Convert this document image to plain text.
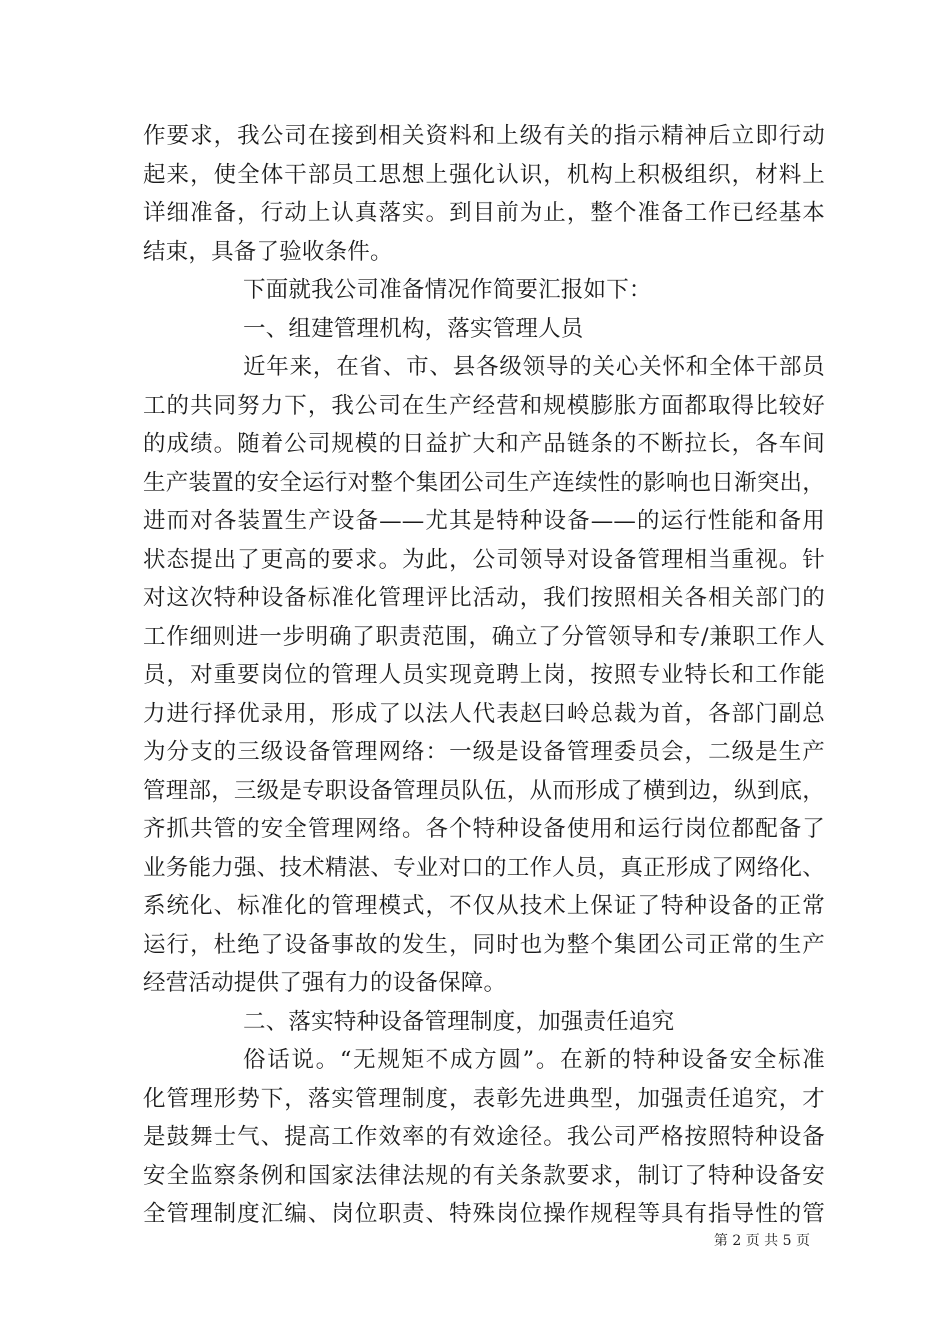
作要求，我公司在接到相关资料和上级有关的指示精神后立即行动
起来，使全体干部员工思想上强化认识，机构上积极组织，材料上
详细准备，行动上认真落实。到目前为止，整个准备工作已经基本
结束，具备了验收条件。
下面就我公司准备情况作简要汇报如下：
一、组建管理机构，落实管理人员
近年来，在省、市、县各级领导的关心关怀和全体干部员
工的共同努力下，我公司在生产经营和规模膨胀方面都取得比较好
的成绩。随着公司规模的日益扩大和产品链条的不断拉长，各车间
生产装置的安全运行对整个集团公司生产连续性的影响也日渐突出，
进而对各装置生产设备——尤其是特种设备——的运行性能和备用
状态提出了更高的要求。为此，公司领导对设备管理相当重视。针
对这次特种设备标准化管理评比活动，我们按照相关各相关部门的
工作细则进一步明确了职责范围，确立了分管领导和专/兼职工作人
员，对重要岗位的管理人员实现竟聘上岗，按照专业特长和工作能
力进行择优录用，形成了以法人代表赵曰岭总裁为首，各部门副总
为分支的三级设备管理网络：一级是设备管理委员会，二级是生产
管理部，三级是专职设备管理员队伍，从而形成了横到边，纵到底，
齐抓共管的安全管理网络。各个特种设备使用和运行岗位都配备了
业务能力强、技术精湛、专业对口的工作人员，真正形成了网络化、
系统化、标准化的管理模式，不仅从技术上保证了特种设备的正常
运行，杜绝了设备事故的发生，同时也为整个集团公司正常的生产
经营活动提供了强有力的设备保障。
二、落实特种设备管理制度，加强责任追究
俗话说。“无规矩不成方圆”。在新的特种设备安全标准
化管理形势下，落实管理制度，表彰先进典型，加强责任追究，才
是鼓舞士气、提高工作效率的有效途径。我公司严格按照特种设备
安全监察条例和国家法律法规的有关条款要求，制订了特种设备安
全管理制度汇编、岗位职责、特殊岗位操作规程等具有指导性的管
第 2 页 共 5 页
